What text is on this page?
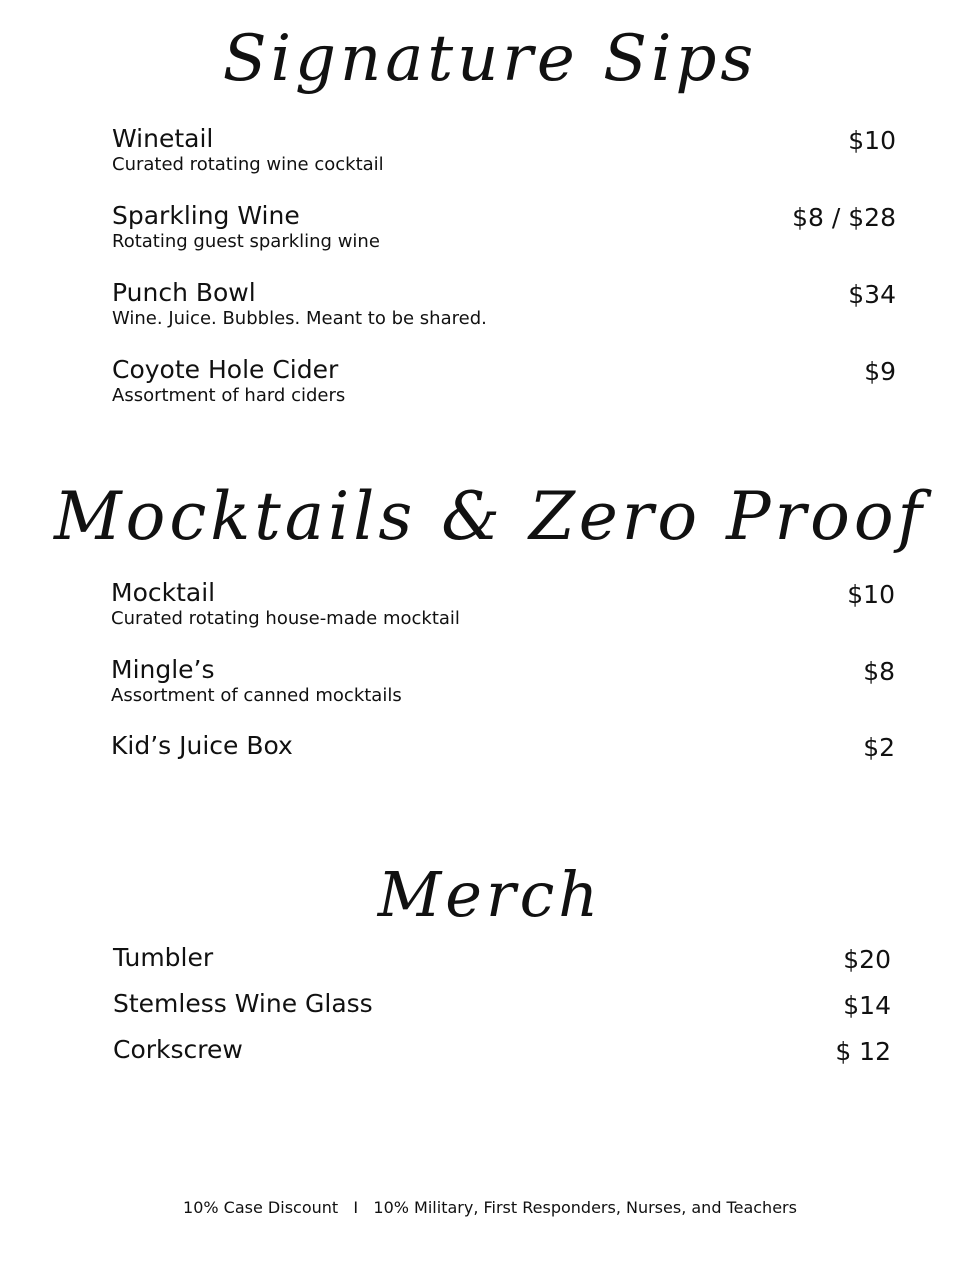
Signature Sips
Winetail
Curated rotating wine cocktail
$10
Sparkling Wine
Rotating guest sparkling wine
$8 / $28
Punch Bowl
Wine. Juice. Bubbles. Meant to be shared.
$34
Coyote Hole Cider
Assortment of hard ciders
$9
Mocktails & Zero Proof
Mocktail
Curated rotating house-made mocktail
$10
Mingle’s
Assortment of canned mocktails
$8
Kid’s Juice Box	$2
Merch
Tumbler	$20
Stemless Wine Glass	$14
Corkscrew	$ 12
10% Case Discount   I   10% Military, First Responders, Nurses, and Teachers
